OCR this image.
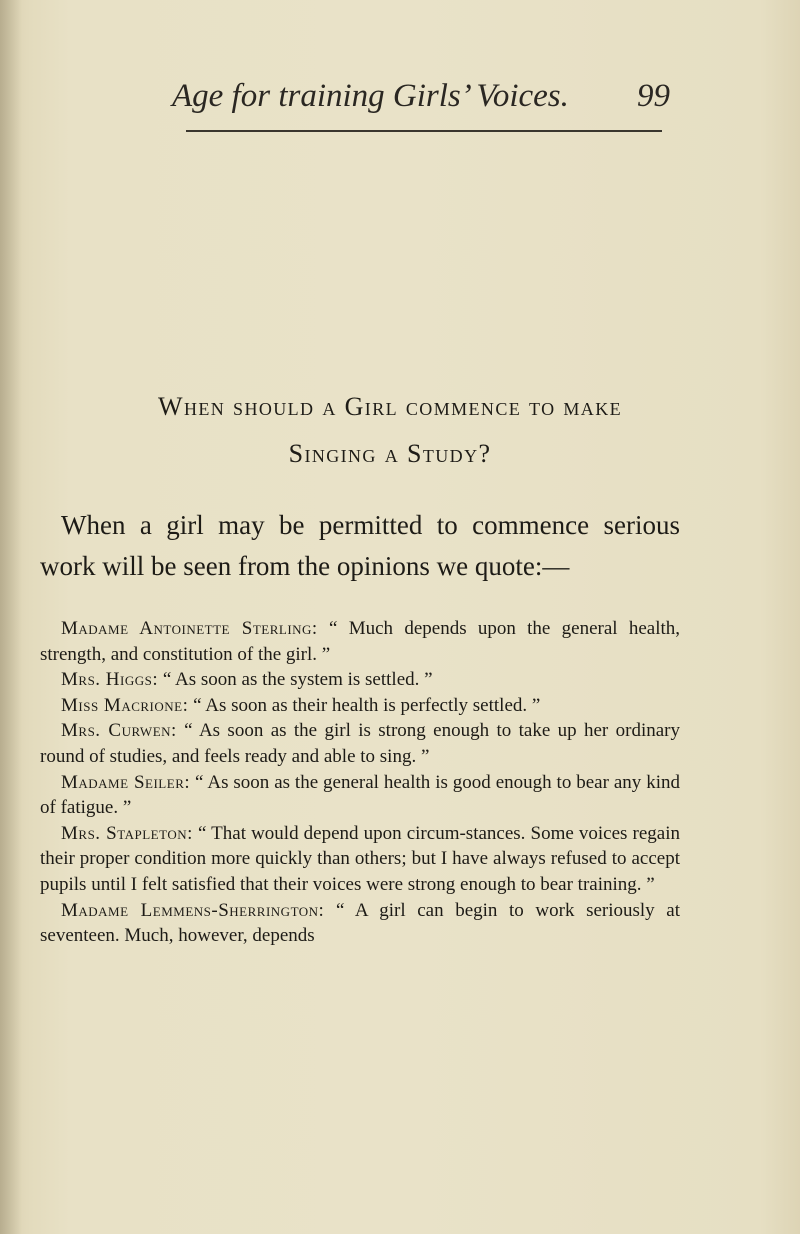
Age for training Girls’ Voices. 99
When should a Girl commence to make
Singing a Study?

When a girl may be permitted to commence serious work will be seen from the opinions we quote:—

Madame Antoinette Sterling: “ Much depends upon the general health, strength, and constitution of the girl. ”

Mrs. Higgs: “ As soon as the system is settled. ”

Miss Macrione: “ As soon as their health is perfectly settled. ”

Mrs. Curwen: “ As soon as the girl is strong enough to take up her ordinary round of studies, and feels ready and able to sing. ”

Madame Seiler: “ As soon as the general health is good enough to bear any kind of fatigue. ”

Mrs. Stapleton: “ That would depend upon circum-stances. Some voices regain their proper condition more quickly than others; but I have always refused to accept pupils until I felt satisfied that their voices were strong enough to bear training. ”

Madame Lemmens-Sherrington: “ A girl can begin to work seriously at seventeen. Much, however, depends
